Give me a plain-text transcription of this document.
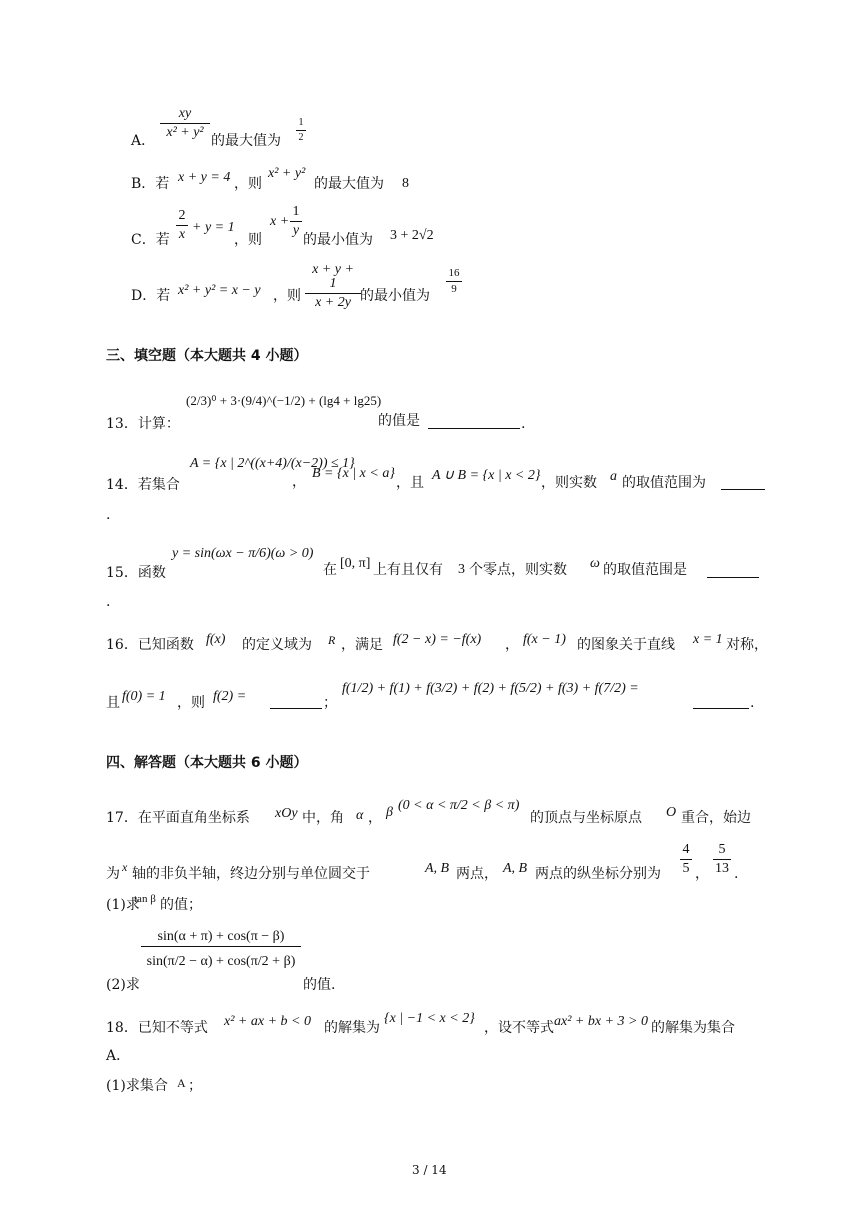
A．
xy
x² + y²
的最大值为
1
2
B．若 x + y = 4 ，则
x² + y²
的最大值为 8
C．若
2
x + y = 1
，则
x +
1
y
的最小值为 3 + 2√2
D．若 x² + y² = x − y ，则
x + y + 1
x + 2y 的最小值为
16
9
三、填空题（本大题共 4 小题）
13．计算：
(2/3)⁰ + 3·(9/4)^(−1/2) + (lg4 + lg25)
的值是	.
14．若集合
A = {x | 2^((x+4)/(x−2)) ≤ 1}
，
B = {x | x < a}
，且 A ∪ B = {x | x < 2} ，则实数 a 的取值范围为
.
15．函数
y = sin(ωx − π/6)(ω > 0)
在 [0, π] 上有且仅有 3 个零点，则实数 ω 的取值范围是
.
16．已知函数 f(x) 的定义域为 R ，满足 f(2 − x) = −f(x) ， f(x − 1) 的图象关于直线 x = 1 对称，
且 f(0) = 1 ，则 f(2) =	；
f(1/2) + f(1) + f(3/2) + f(2) + f(5/2) + f(3) + f(7/2) =
.
四、解答题（本大题共 6 小题）
17．在平面直角坐标系 xOy 中，角 α ， β (0 < α < π/2 < β < π)
的顶点与坐标原点 O 重合，始边
为 x 轴的非负半轴，终边分别与单位圆交于	A, B 两点， A, B 两点的纵坐标分别为
4
5 ，
5
13 .
(1)求
tan β 的值；
(2)求
sin(α + π) + cos(π − β)
sin(π/2 − α) + cos(π/2 + β)
的值.
18．已知不等式 x² + ax + b < 0 的解集为
{x | −1 < x < 2}
，设不等式 ax² + bx + 3 > 0 的解集为集合
A．
(1)求集合 A ；
3 / 14
